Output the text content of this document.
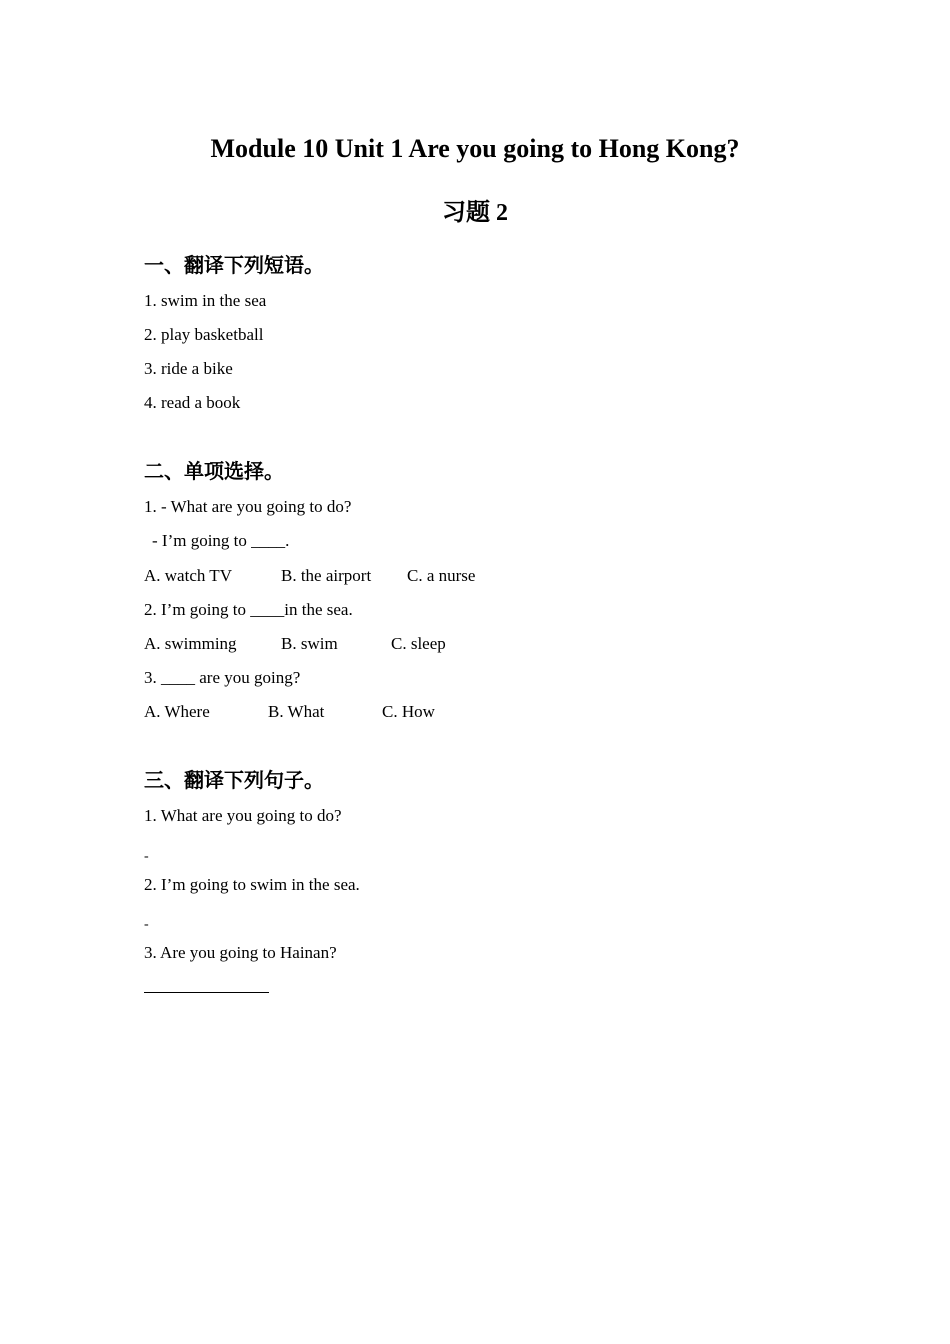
Module 10 Unit 1 Are you going to Hong Kong?
习题 2
一、翻译下列短语。
1. swim in the sea
2. play basketball
3. ride a bike
4. read a book
二、单项选择。
1. - What are you going to do?
- I’m going to ____.
A. watch TV	B. the airport C. a nurse
2. I’m going to ____in the sea.
A. swimming	B. swim	C. sleep
3. ____ are you going?
A. Where	B. What	C. How
三、翻译下列句子。
1. What are you going to do?
-
2. I’m going to swim in the sea.
-
3. Are you going to Hainan?
